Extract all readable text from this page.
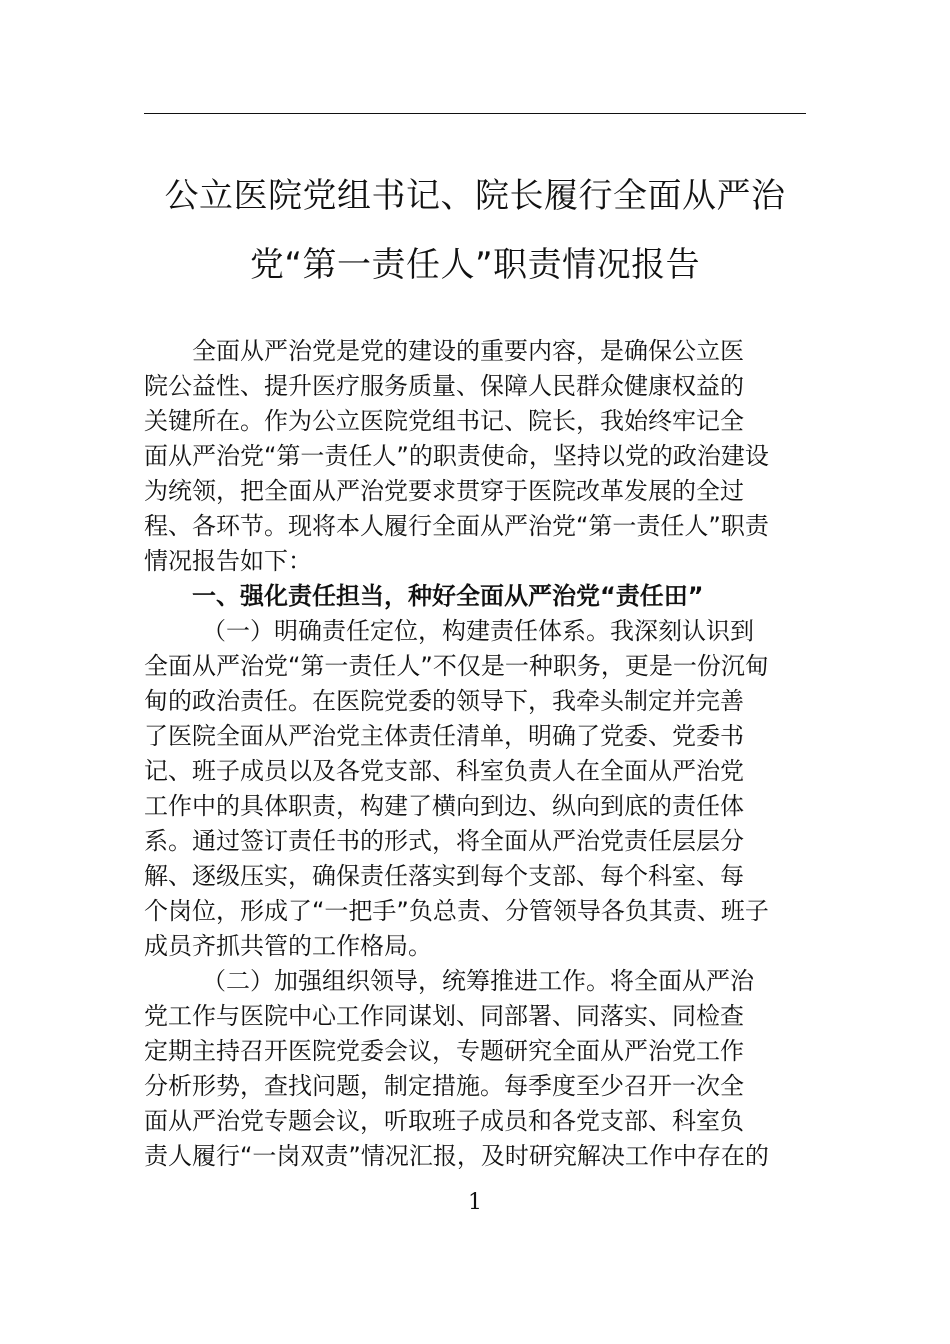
公立医院党组书记、院长履行全面从严治
党“第一责任人”职责情况报告
全面从严治党是党的建设的重要内容，是确保公立医
院公益性、提升医疗服务质量、保障人民群众健康权益的
关键所在。作为公立医院党组书记、院长，我始终牢记全
面从严治党“第一责任人”的职责使命，坚持以党的政治建设
为统领，把全面从严治党要求贯穿于医院改革发展的全过
程、各环节。现将本人履行全面从严治党“第一责任人”职责
情况报告如下：
一、强化责任担当，种好全面从严治党“责任田”
（一）明确责任定位，构建责任体系。我深刻认识到
全面从严治党“第一责任人”不仅是一种职务，更是一份沉甸
甸的政治责任。在医院党委的领导下，我牵头制定并完善
了医院全面从严治党主体责任清单，明确了党委、党委书
记、班子成员以及各党支部、科室负责人在全面从严治党
工作中的具体职责，构建了横向到边、纵向到底的责任体
系。通过签订责任书的形式，将全面从严治党责任层层分
解、逐级压实，确保责任落实到每个支部、每个科室、每
个岗位，形成了“一把手”负总责、分管领导各负其责、班子
成员齐抓共管的工作格局。
（二）加强组织领导，统筹推进工作。将全面从严治
党工作与医院中心工作同谋划、同部署、同落实、同检查
定期主持召开医院党委会议，专题研究全面从严治党工作
分析形势，查找问题，制定措施。每季度至少召开一次全
面从严治党专题会议，听取班子成员和各党支部、科室负
责人履行“一岗双责”情况汇报，及时研究解决工作中存在的
1
